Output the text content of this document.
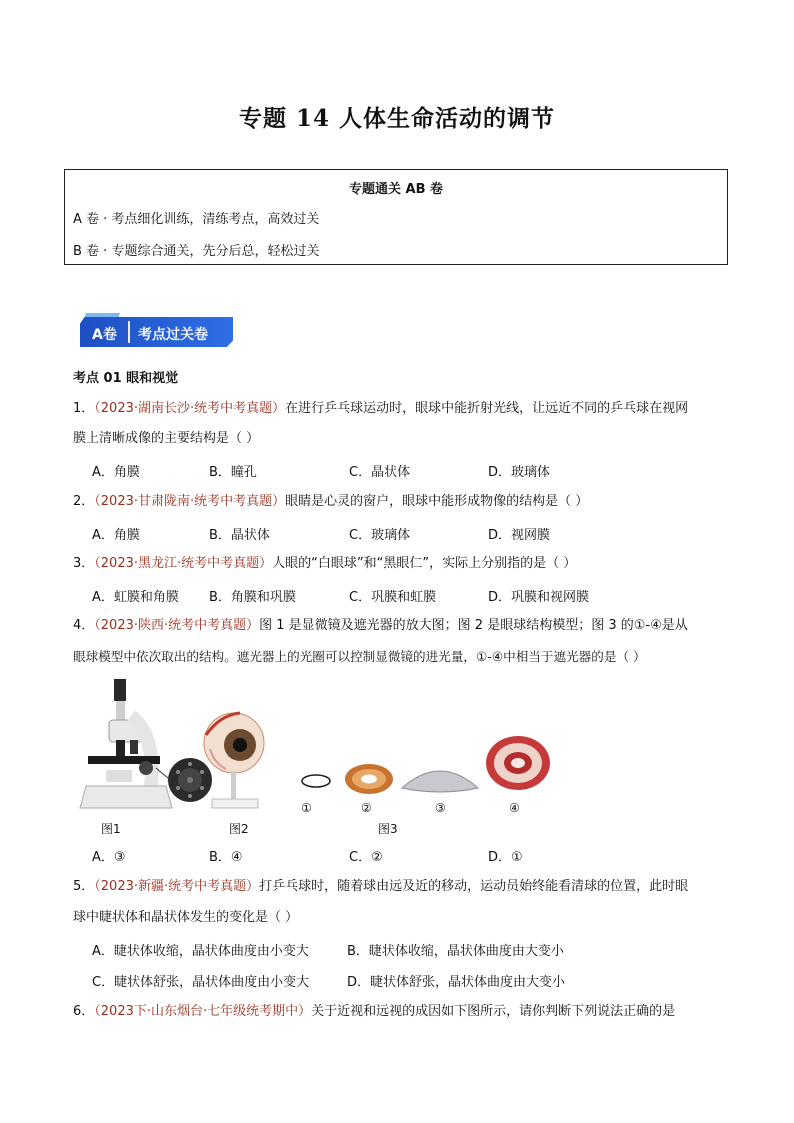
专题 14 人体生命活动的调节
专题通关 AB 卷
A 卷 · 考点细化训练，清练考点，高效过关
B 卷 · 专题综合通关，先分后总，轻松过关
A卷 考点过关卷
考点 01 眼和视觉
1．（2023·湖南长沙·统考中考真题）在进行乒乓球运动时，眼球中能折射光线，让远近不同的乒乓球在视网
膜上清晰成像的主要结构是（ ）
A．角膜	B．瞳孔	C．晶状体	D．玻璃体
2．（2023·甘肃陇南·统考中考真题）眼睛是心灵的窗户，眼球中能形成物像的结构是（ ）
A．角膜	B．晶状体	C．玻璃体	D．视网膜
3．（2023·黑龙江·统考中考真题）人眼的“白眼球”和“黑眼仁”，实际上分别指的是（ ）
A．虹膜和角膜 B．角膜和巩膜	C．巩膜和虹膜	D．巩膜和视网膜
4．（2023·陕西·统考中考真题）图 1 是显微镜及遮光器的放大图；图 2 是眼球结构模型；图 3 的①-④是从
眼球模型中依次取出的结构。遮光器上的光圈可以控制显微镜的进光量，①-④中相当于遮光器的是（ ）
①	②	③	④
图1	图2	图3
A．③	B．④	C．②	D．①
5．（2023·新疆·统考中考真题）打乒乓球时，随着球由远及近的移动，运动员始终能看清球的位置，此时眼
球中睫状体和晶状体发生的变化是（ ）
A．睫状体收缩，晶状体曲度由小变大	B．睫状体收缩，晶状体曲度由大变小
C．睫状体舒张，晶状体曲度由小变大	D．睫状体舒张，晶状体曲度由大变小
6．（2023下·山东烟台·七年级统考期中）关于近视和远视的成因如下图所示，请你判断下列说法正确的是
